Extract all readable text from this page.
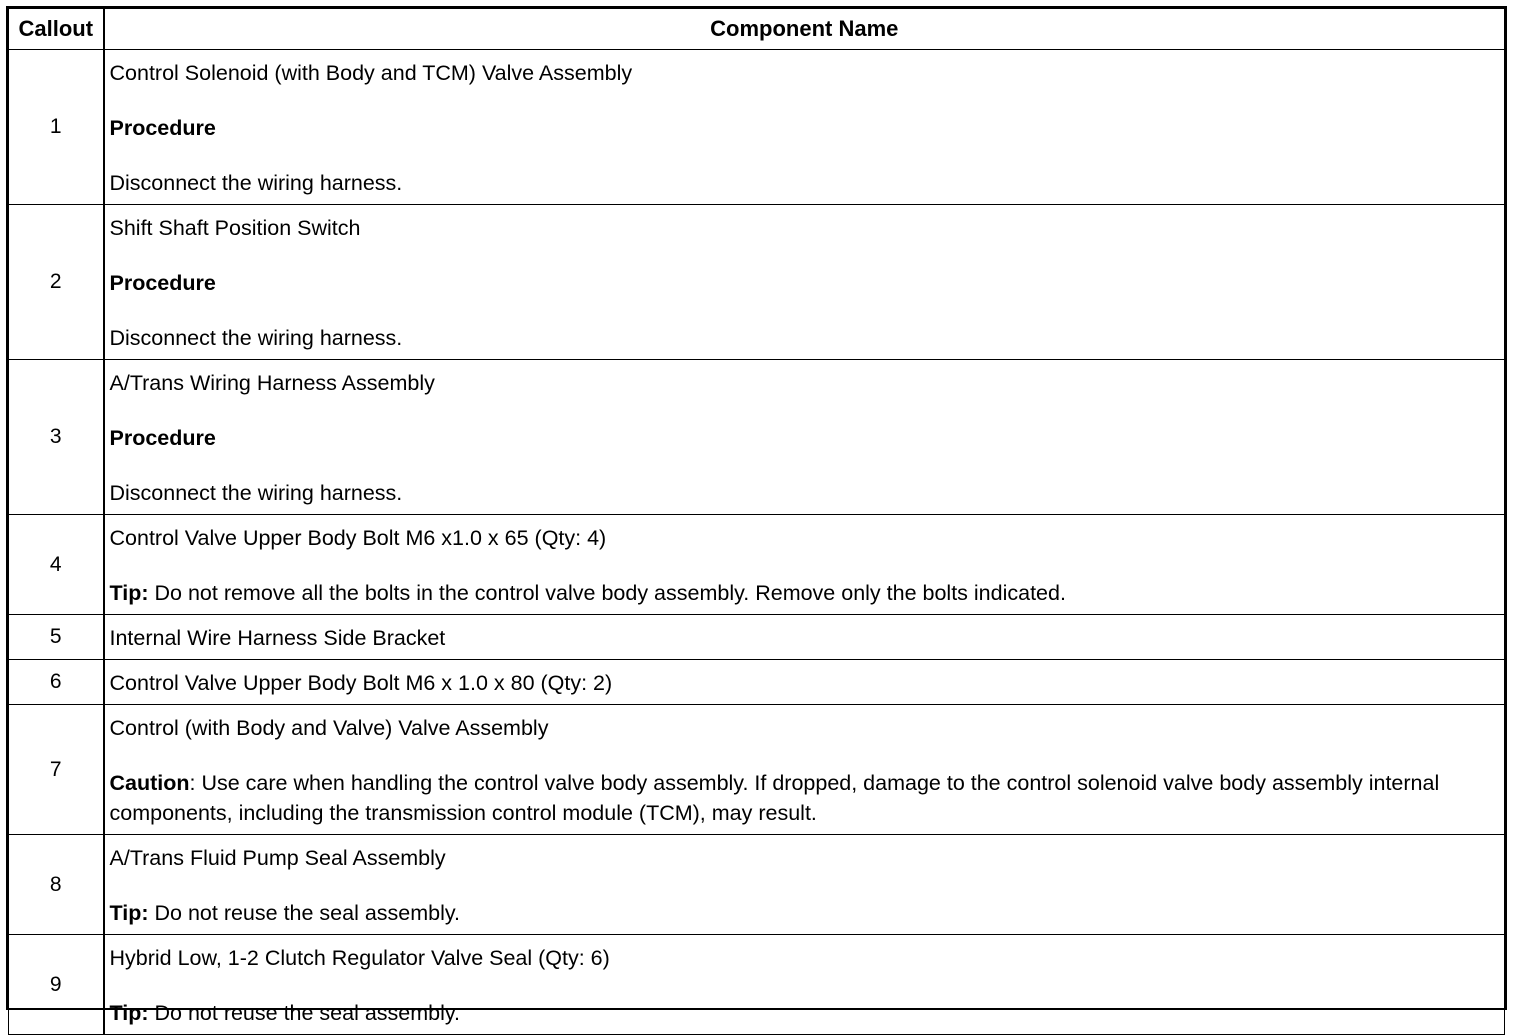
Callout	Component Name
1	Control Solenoid (with Body and TCM) Valve Assembly

Procedure

Disconnect the wiring harness.

2	Shift Shaft Position Switch

Procedure

Disconnect the wiring harness.

3	A/Trans Wiring Harness Assembly

Procedure

Disconnect the wiring harness.

4	Control Valve Upper Body Bolt M6 x1.0 x 65 (Qty: 4)

Tip: Do not remove all the bolts in the control valve body assembly. Remove only the bolts indicated.

5	Internal Wire Harness Side Bracket

6	Control Valve Upper Body Bolt M6 x 1.0 x 80 (Qty: 2)

7	Control (with Body and Valve) Valve Assembly

Caution: Use care when handling the control valve body assembly. If dropped, damage to the control solenoid valve body assembly internal components, including the transmission control module (TCM), may result.

8	A/Trans Fluid Pump Seal Assembly

Tip: Do not reuse the seal assembly.

9	Hybrid Low, 1-2 Clutch Regulator Valve Seal (Qty: 6)

Tip: Do not reuse the seal assembly.
